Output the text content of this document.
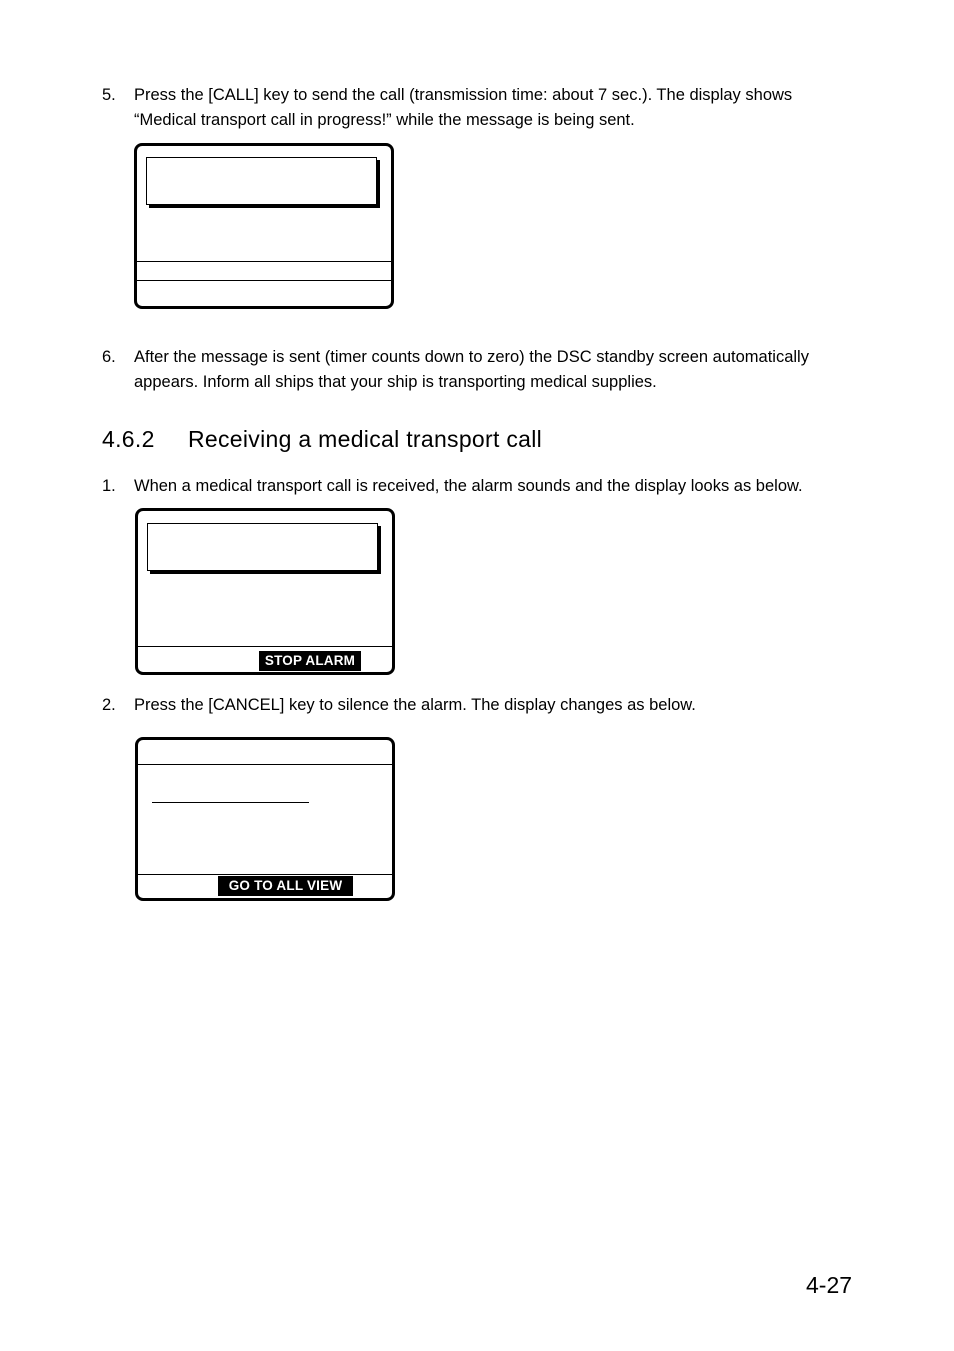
5. Press the [CALL] key to send the call (transmission time: about 7 sec.). The display shows
“Medical transport call in progress!” while the message is being sent.
6. After the message is sent (timer counts down to zero) the DSC standby screen automatically
appears. Inform all ships that your ship is transporting medical supplies.
4.6.2 Receiving a medical transport call
1. When a medical transport call is received, the alarm sounds and the display looks as below.
STOP ALARM
2. Press the [CANCEL] key to silence the alarm. The display changes as below.
GO TO ALL VIEW
4-27
